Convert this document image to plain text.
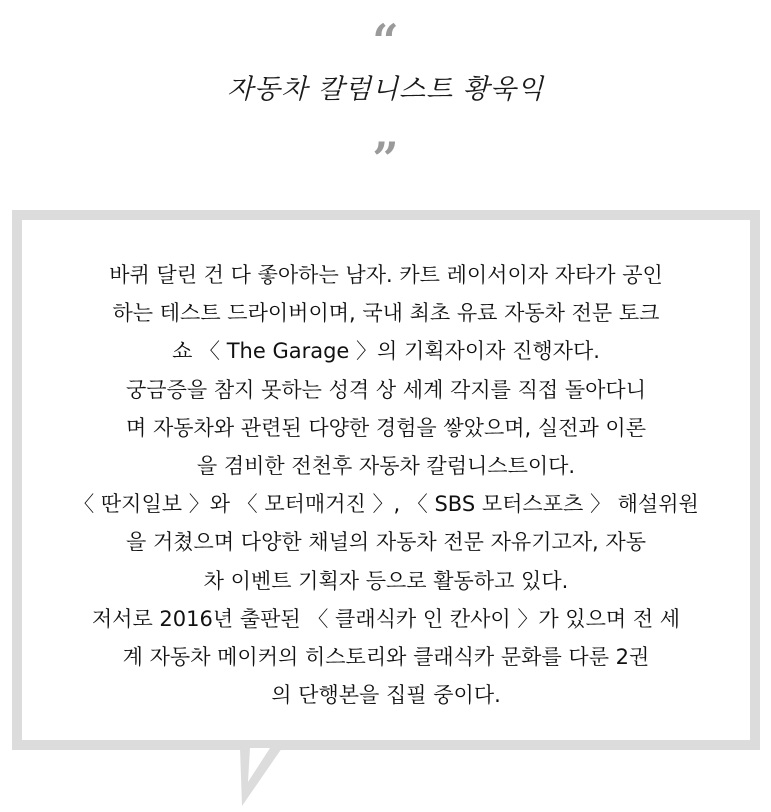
“
자동차 칼럼니스트 황욱익
”
바퀴 달린 건 다 좋아하는 남자. 카트 레이서이자 자타가 공인
하는 테스트 드라이버이며, 국내 최초 유료 자동차 전문 토크
쇼 〈 The Garage 〉의 기획자이자 진행자다.
궁금증을 참지 못하는 성격 상 세계 각지를 직접 돌아다니
며 자동차와 관련된 다양한 경험을 쌓았으며, 실전과 이론
을 겸비한 전천후 자동차 칼럼니스트이다.
〈 딴지일보 〉와 〈 모터매거진 〉, 〈 SBS 모터스포츠 〉 해설위원
을 거쳤으며 다양한 채널의 자동차 전문 자유기고자, 자동
차 이벤트 기획자 등으로 활동하고 있다.
저서로 2016년 출판된 〈 클래식카 인 칸사이 〉가 있으며 전 세
계 자동차 메이커의 히스토리와 클래식카 문화를 다룬 2권
의 단행본을 집필 중이다.
